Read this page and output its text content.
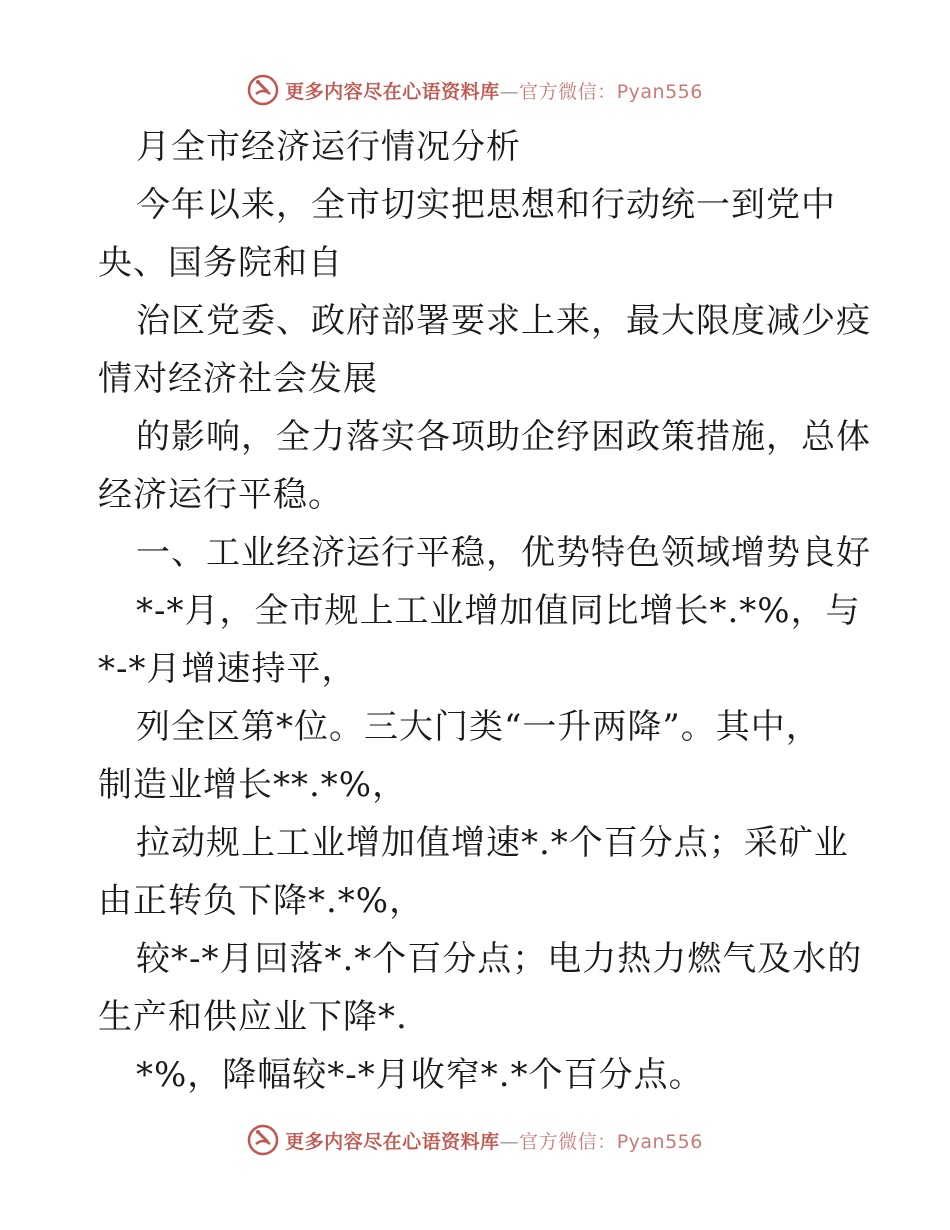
更多内容尽在心语资料库—官方微信：Pyan556
月全市经济运行情况分析
今年以来，全市切实把思想和行动统一到党中
央、国务院和自
治区党委、政府部署要求上来，最大限度减少疫
情对经济社会发展
的影响，全力落实各项助企纾困政策措施，总体
经济运行平稳。
一、工业经济运行平稳，优势特色领域增势良好
*-*月，全市规上工业增加值同比增长*.*%，与
*-*月增速持平，
列全区第*位。三大门类“一升两降”。其中，
制造业增长**.*%，
拉动规上工业增加值增速*.*个百分点；采矿业
由正转负下降*.*%，
较*-*月回落*.*个百分点；电力热力燃气及水的
生产和供应业下降*.
*%，降幅较*-*月收窄*.*个百分点。
更多内容尽在心语资料库—官方微信：Pyan556
